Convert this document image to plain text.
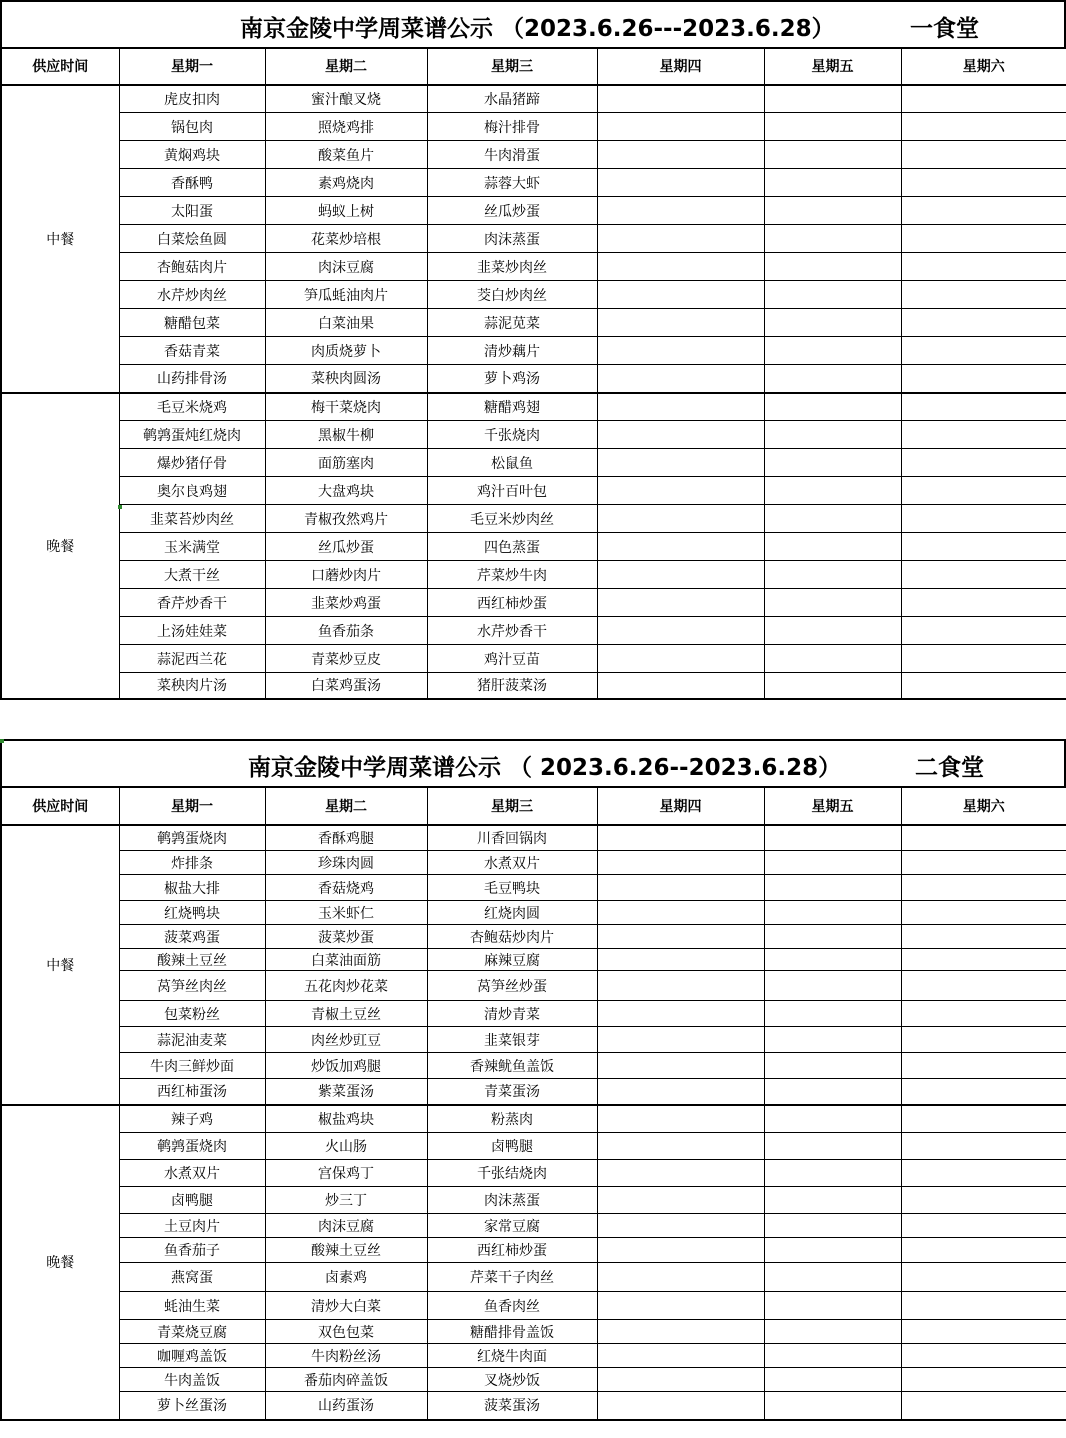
南京金陵中学周菜谱公示 （2023.6.26---2023.6.28）	一食堂
供应时间	星期一	星期二	星期三	星期四	星期五	星期六
中餐	虎皮扣肉	蜜汁酿叉烧	水晶猪蹄			
	锅包肉	照烧鸡排	梅汁排骨			
	黄焖鸡块	酸菜鱼片	牛肉滑蛋			
	香酥鸭	素鸡烧肉	蒜蓉大虾			
	太阳蛋	蚂蚁上树	丝瓜炒蛋			
	白菜烩鱼圆	花菜炒培根	肉沫蒸蛋			
	杏鲍菇肉片	肉沫豆腐	韭菜炒肉丝			
	水芹炒肉丝	笋瓜蚝油肉片	茭白炒肉丝			
	糖醋包菜	白菜油果	蒜泥苋菜			
	香菇青菜	肉质烧萝卜	清炒藕片			
	山药排骨汤	菜秧肉圆汤	萝卜鸡汤			
晚餐	毛豆米烧鸡	梅干菜烧肉	糖醋鸡翅			
	鹌鹑蛋炖红烧肉	黑椒牛柳	千张烧肉			
	爆炒猪仔骨	面筋塞肉	松鼠鱼			
	奥尔良鸡翅	大盘鸡块	鸡汁百叶包			
	韭菜苔炒肉丝	青椒孜然鸡片	毛豆米炒肉丝			
	玉米满堂	丝瓜炒蛋	四色蒸蛋			
	大煮干丝	口蘑炒肉片	芹菜炒牛肉			
	香芹炒香干	韭菜炒鸡蛋	西红柿炒蛋			
	上汤娃娃菜	鱼香茄条	水芹炒香干			
	蒜泥西兰花	青菜炒豆皮	鸡汁豆苗			
	菜秧肉片汤	白菜鸡蛋汤	猪肝菠菜汤			
南京金陵中学周菜谱公示 （ 2023.6.26--2023.6.28）	二食堂
供应时间	星期一	星期二	星期三	星期四	星期五	星期六
中餐	鹌鹑蛋烧肉	香酥鸡腿	川香回锅肉			
	炸排条	珍珠肉圆	水煮双片			
	椒盐大排	香菇烧鸡	毛豆鸭块			
	红烧鸭块	玉米虾仁	红烧肉圆			
	菠菜鸡蛋	菠菜炒蛋	杏鲍菇炒肉片			
	酸辣土豆丝	白菜油面筋	麻辣豆腐			
	莴笋丝肉丝	五花肉炒花菜	莴笋丝炒蛋			
	包菜粉丝	青椒土豆丝	清炒青菜			
	蒜泥油麦菜	肉丝炒豇豆	韭菜银芽			
	牛肉三鲜炒面	炒饭加鸡腿	香辣鱿鱼盖饭			
	西红柿蛋汤	紫菜蛋汤	青菜蛋汤			
晚餐	辣子鸡	椒盐鸡块	粉蒸肉			
	鹌鹑蛋烧肉	火山肠	卤鸭腿			
	水煮双片	宫保鸡丁	千张结烧肉			
	卤鸭腿	炒三丁	肉沫蒸蛋			
	土豆肉片	肉沫豆腐	家常豆腐			
	鱼香茄子	酸辣土豆丝	西红柿炒蛋			
	燕窝蛋	卤素鸡	芹菜干子肉丝			
	蚝油生菜	清炒大白菜	鱼香肉丝			
	青菜烧豆腐	双色包菜	糖醋排骨盖饭			
	咖喱鸡盖饭	牛肉粉丝汤	红烧牛肉面			
	牛肉盖饭	番茄肉碎盖饭	叉烧炒饭			
	萝卜丝蛋汤	山药蛋汤	菠菜蛋汤			
